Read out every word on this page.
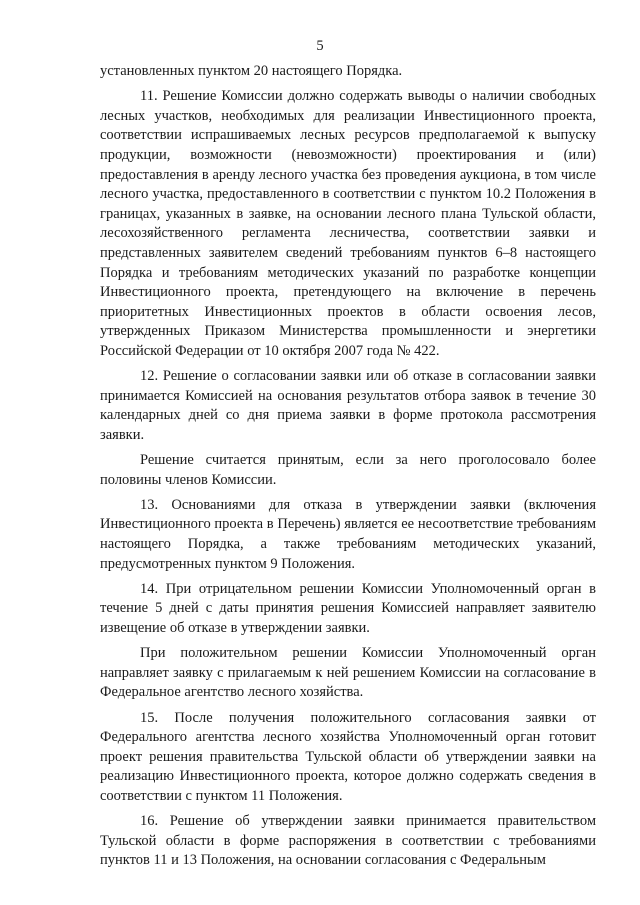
5

установленных пунктом 20 настоящего Порядка.

11. Решение Комиссии должно содержать выводы о наличии свободных лесных участков, необходимых для реализации Инвестиционного проекта, соответствии испрашиваемых лесных ресурсов предполагаемой к выпуску продукции, возможности (невозможности) проектирования и (или) предоставления в аренду лесного участка без проведения аукциона, в том числе лесного участка, предоставленного в соответствии с пунктом 10.2 Положения в границах, указанных в заявке, на основании лесного плана Тульской области, лесохозяйственного регламента лесничества, соответствии заявки и представленных заявителем сведений требованиям пунктов 6–8 настоящего Порядка и требованиям методических указаний по разработке концепции Инвестиционного проекта, претендующего на включение в перечень приоритетных Инвестиционных проектов в области освоения лесов, утвержденных Приказом Министерства промышленности и энергетики Российской Федерации от 10 октября 2007 года № 422.

12. Решение о согласовании заявки или об отказе в согласовании заявки принимается Комиссией на основания результатов отбора заявок в течение 30 календарных дней со дня приема заявки в форме протокола рассмотрения заявки.

Решение считается принятым, если за него проголосовало более половины членов Комиссии.

13. Основаниями для отказа в утверждении заявки (включения Инвестиционного проекта в Перечень) является ее несоответствие требованиям настоящего Порядка, а также требованиям методических указаний, предусмотренных пунктом 9 Положения.

14. При отрицательном решении Комиссии Уполномоченный орган в течение 5 дней с даты принятия решения Комиссией направляет заявителю извещение об отказе в утверждении заявки.

При положительном решении Комиссии Уполномоченный орган направляет заявку с прилагаемым к ней решением Комиссии на согласование в Федеральное агентство лесного хозяйства.

15. После получения положительного согласования заявки от Федерального агентства лесного хозяйства Уполномоченный орган готовит проект решения правительства Тульской области об утверждении заявки на реализацию Инвестиционного проекта, которое должно содержать сведения в соответствии с пунктом 11 Положения.

16. Решение об утверждении заявки принимается правительством Тульской области в форме распоряжения в соответствии с требованиями пунктов 11 и 13 Положения, на основании согласования с Федеральным
